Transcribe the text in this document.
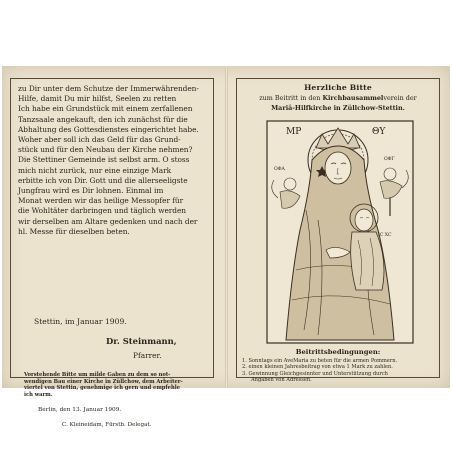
zu Dir unter dem Schutze der Immerwährenden-
Hilfe, damit Du mir hilfst, Seelen zu retten
Ich habe ein Grundstück mit einem zerfallenen
Tanzsaale angekauft, den ich zunächst für die
Abhaltung des Gottesdienstes eingerichtet habe.
Woher aber soll ich das Geld für das Grund-
stück und für den Neubau der Kirche nehmen?
Die Stettiner Gemeinde ist selbst arm. O stoss
mich nicht zurück, nur eine einzige Mark
erbitte ich von Dir. Gott und die allerseeligste
Jungfrau wird es Dir lohnen. Einmal im
Monat werden wir das heilige Messopfer für
die Wohltäter darbringen und täglich werden
wir derselben am Altare gedenken und nach der
hl. Messe für dieselben beten.
Stettin, im Januar 1909.
Dr. Steinmann,
Pfarrer.
Vorstehende Bitte um milde Gaben zu dem so not-
wendigen Bau einer Kirche in Züllchow, dem Arbeiter-
viertel von Stettin, genehmige ich gern und empfehle
ich warm.
Berlin, den 13. Januar 1909.
C. Kleineidam, Fürstb. Delegat.
Herzliche Bitte
zum Beitritt in den Kirchbausammelverein der
Mariä-Hilfkirche in Züllchow-Stettin.
MP	ΘΥ
ΟΦΑ
ΟΦΓ
IC XC
Beitrittsbedingungen:
1. Sonntags ein AveMaria zu beten für die armen Pommern.
2. einen kleinen Jahresbeitrag von etwa 1 Mark zu zahlen.
3. Gewinnung Gleichgesinnter und Unterstützung durch
Angaben von Adressen.
